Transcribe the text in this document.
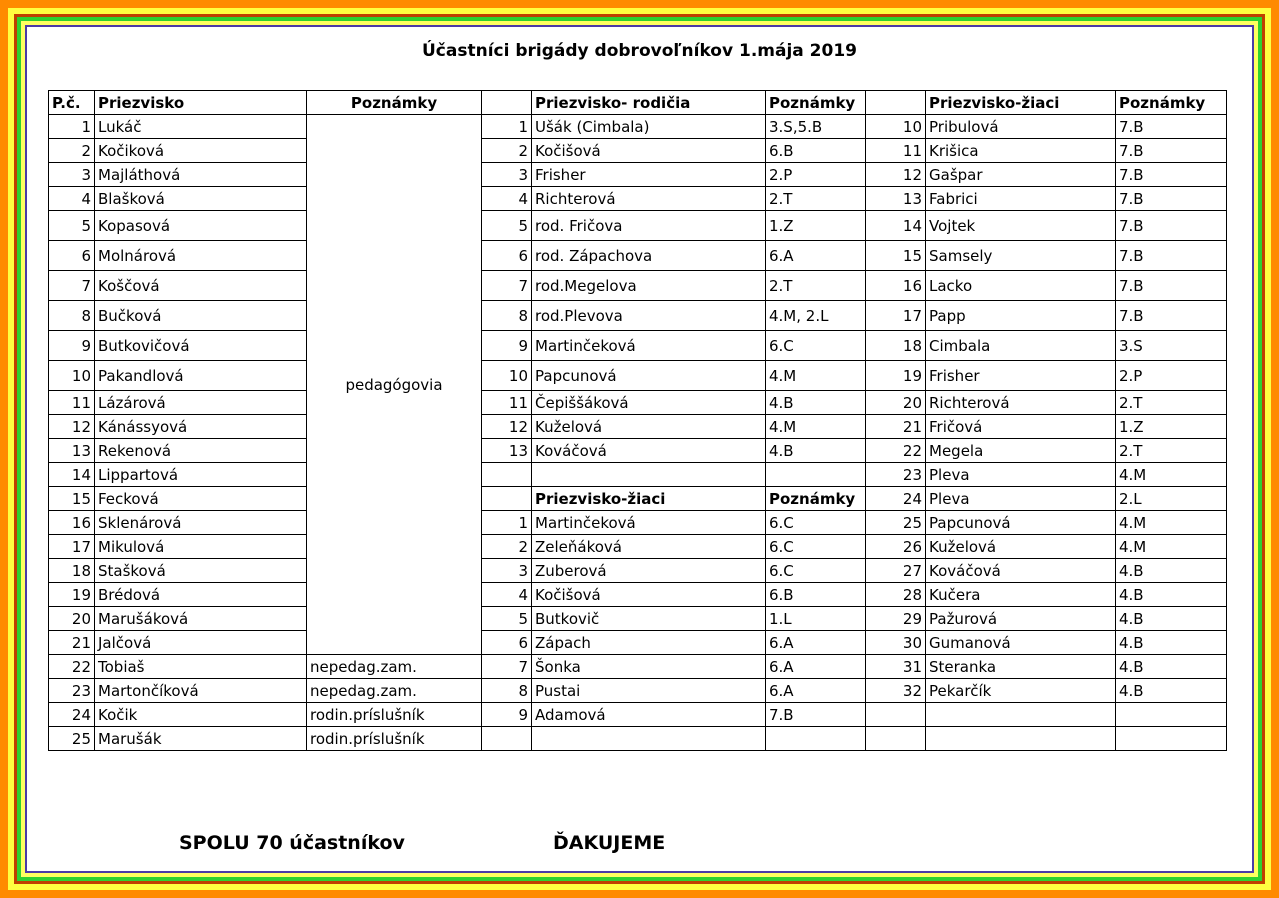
Účastníci brigády dobrovoľníkov 1.mája 2019
P.č.	Priezvisko	Poznámky		Priezvisko- rodičia	Poznámky		Priezvisko-žiaci	Poznámky
1	Lukáč	pedagógovia	1	Ušák (Cimbala)	3.S,5.B	10	Pribulová	7.B
2	Kočiková		2	Kočišová	6.B	11	Krišica	7.B
3	Majláthová		3	Frisher	2.P	12	Gašpar	7.B
4	Blašková		4	Richterová	2.T	13	Fabrici	7.B
5	Kopasová		5	rod. Fričova	1.Z	14	Vojtek	7.B
6	Molnárová		6	rod. Zápachova	6.A	15	Samsely	7.B
7	Koščová		7	rod.Megelova	2.T	16	Lacko	7.B
8	Bučková		8	rod.Plevova	4.M, 2.L	17	Papp	7.B
9	Butkovičová		9	Martinčeková	6.C	18	Cimbala	3.S
10	Pakandlová		10	Papcunová	4.M	19	Frisher	2.P
11	Lázárová		11	Čepiššáková	4.B	20	Richterová	2.T
12	Kánássyová		12	Kuželová	4.M	21	Fričová	1.Z
13	Rekenová		13	Kováčová	4.B	22	Megela	2.T
14	Lippartová					23	Pleva	4.M
15	Fecková			Priezvisko-žiaci	Poznámky	24	Pleva	2.L
16	Sklenárová		1	Martinčeková	6.C	25	Papcunová	4.M
17	Mikulová		2	Zeleňáková	6.C	26	Kuželová	4.M
18	Stašková		3	Zuberová	6.C	27	Kováčová	4.B
19	Brédová		4	Kočišová	6.B	28	Kučera	4.B
20	Marušáková		5	Butkovič	1.L	29	Pažurová	4.B
21	Jalčová		6	Zápach	6.A	30	Gumanová	4.B
22	Tobiaš	nepedag.zam.	7	Šonka	6.A	31	Steranka	4.B
23	Martončíková	nepedag.zam.	8	Pustai	6.A	32	Pekarčík	4.B
24	Kočik	rodin.príslušník	9	Adamová	7.B			
25	Marušák	rodin.príslušník						
SPOLU 70 účastníkov	ĎAKUJEME
